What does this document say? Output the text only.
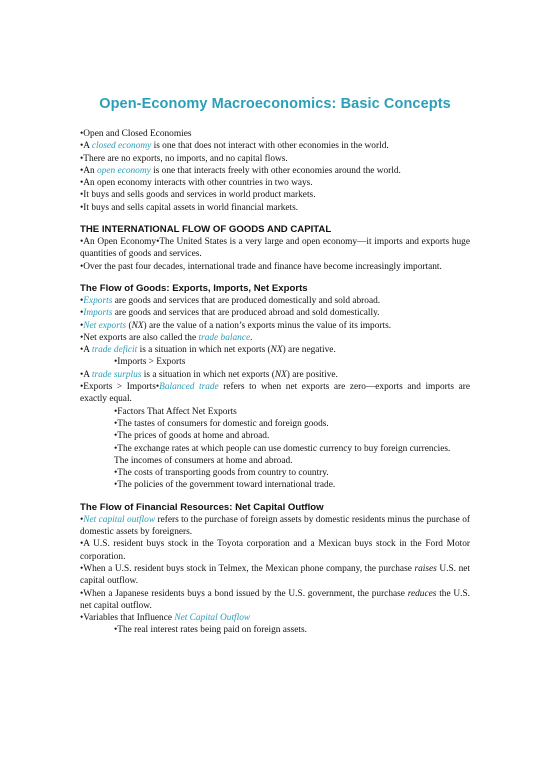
Open-Economy Macroeconomics: Basic Concepts

•Open and Closed Economies

•A closed economy is one that does not interact with other economies in the world.

•There are no exports, no imports, and no capital flows.

•An open economy is one that interacts freely with other economies around the world.

•An open economy interacts with other countries in two ways.

•It buys and sells goods and services in world product markets.

•It buys and sells capital assets in world financial markets.

THE INTERNATIONAL FLOW OF GOODS AND CAPITAL

•An Open Economy•The United States is a very large and open economy—it imports and exports huge quantities of goods and services.

•Over the past four decades, international trade and finance have become increasingly important.

The Flow of Goods: Exports, Imports, Net Exports

•Exports are goods and services that are produced domestically and sold abroad.

•Imports are goods and services that are produced abroad and sold domestically.

•Net exports (NX) are the value of a nation’s exports minus the value of its imports.

•Net exports are also called the trade balance.

•A trade deficit is a situation in which net exports (NX) are negative.

•Imports > Exports

•A trade surplus is a situation in which net exports (NX) are positive.

•Exports > Imports•Balanced trade refers to when net exports are zero—exports and imports are exactly equal.

•Factors That Affect Net Exports

•The tastes of consumers for domestic and foreign goods.

•The prices of goods at home and abroad.

•The exchange rates at which people can use domestic currency to buy foreign currencies.

The incomes of consumers at home and abroad.

•The costs of transporting goods from country to country.

•The policies of the government toward international trade.

The Flow of Financial Resources: Net Capital Outflow

•Net capital outflow refers to the purchase of foreign assets by domestic residents minus the purchase of domestic assets by foreigners.

•A U.S. resident buys stock in the Toyota corporation and a Mexican buys stock in the Ford Motor corporation.

•When a U.S. resident buys stock in Telmex, the Mexican phone company, the purchase raises U.S. net capital outflow.

•When a Japanese residents buys a bond issued by the U.S. government, the purchase reduces the U.S. net capital outflow.

•Variables that Influence Net Capital Outflow

•The real interest rates being paid on foreign assets.
